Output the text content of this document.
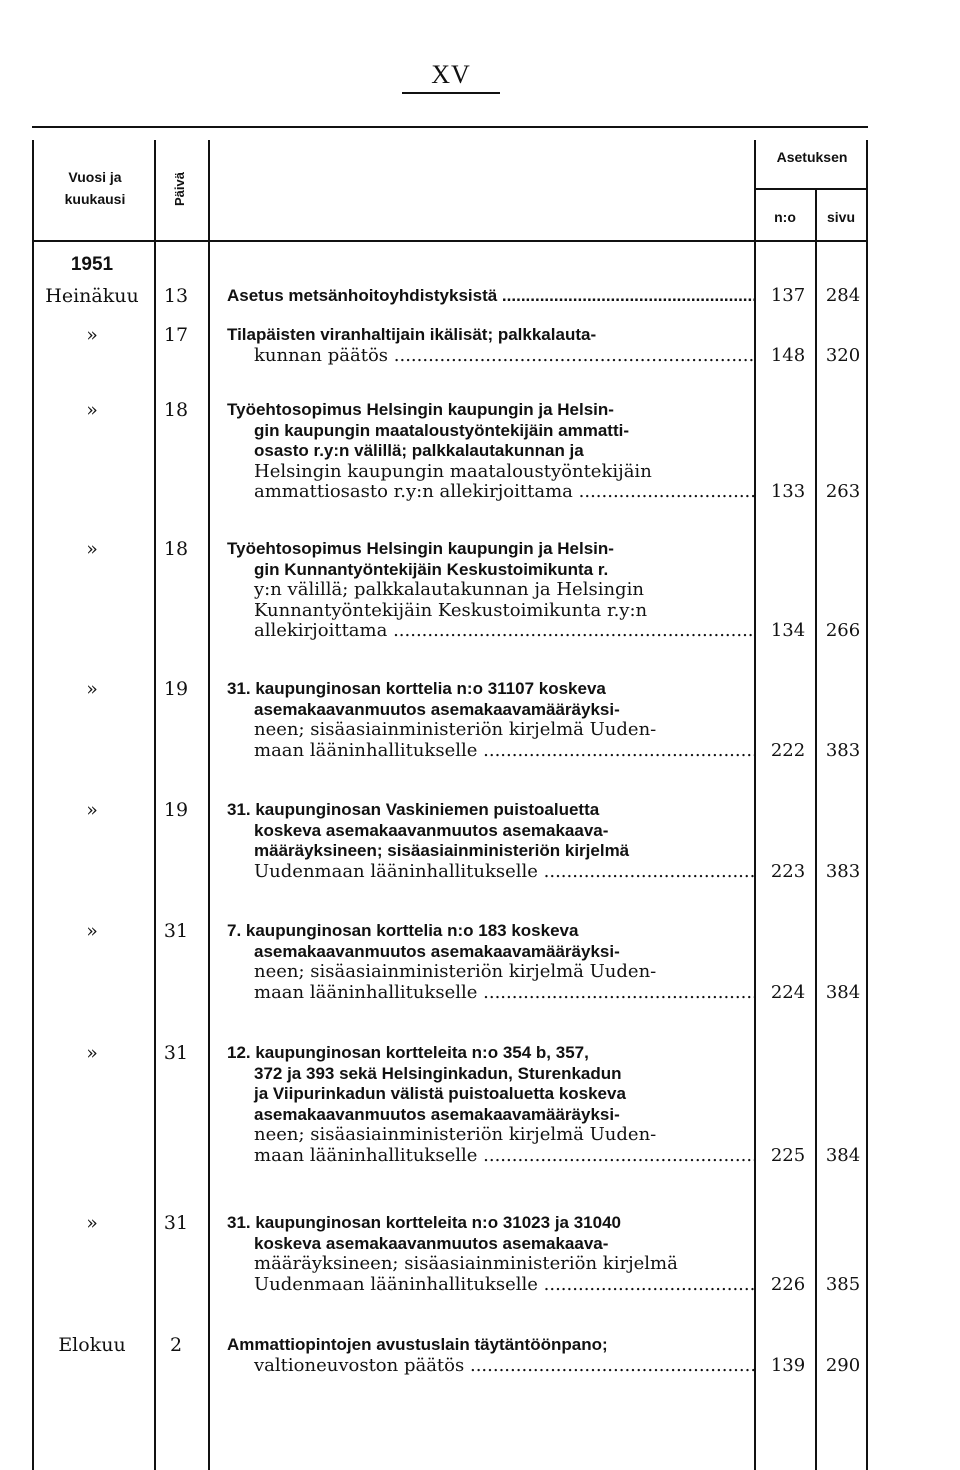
XV
Vuosi ja kuukausi	Päivä
Asetuksen
n:o	sivu
1951
Heinäkuu	13	Asetus metsänhoitoyhdistyksistä .....	137	284
»	17	Tilapäisten viranhaltijain ikälisät; palkkalauta-
kunnan päätös .....	148	320
»	18	Työehtosopimus Helsingin kaupungin ja Helsin-
gin kaupungin maataloustyöntekijäin ammatti-
osasto r.y:n välillä; palkkalautakunnan ja
Helsingin kaupungin maataloustyöntekijäin
ammattiosasto r.y:n allekirjoittama .....	133	263
»	18	Työehtosopimus Helsingin kaupungin ja Helsin-
gin Kunnantyöntekijäin Keskustoimikunta r.
y:n välillä; palkkalautakunnan ja Helsingin
Kunnantyöntekijäin Keskustoimikunta r.y:n
allekirjoittama .....	134	266
»	19	31. kaupunginosan korttelia n:o 31107 koskeva
asemakaavanmuutos asemakaavamääräyksi-
neen; sisäasiainministeriön kirjelmä Uuden-
maan lääninhallitukselle .....	222	383
»	19	31. kaupunginosan Vaskiniemen puistoaluetta
koskeva asemakaavanmuutos asemakaava-
määräyksineen; sisäasiainministeriön kirjelmä
Uudenmaan lääninhallitukselle .....	223	383
»	31	7. kaupunginosan korttelia n:o 183 koskeva
asemakaavanmuutos asemakaavamääräyksi-
neen; sisäasiainministeriön kirjelmä Uuden-
maan lääninhallitukselle .....	224	384
»	31	12. kaupunginosan kortteleita n:o 354 b, 357,
372 ja 393 sekä Helsinginkadun, Sturenkadun
ja Viipurinkadun välistä puistoaluetta koskeva
asemakaavanmuutos asemakaavamääräyksi-
neen; sisäasiainministeriön kirjelmä Uuden-
maan lääninhallitukselle .....	225	384
»	31	31. kaupunginosan kortteleita n:o 31023 ja 31040
koskeva asemakaavanmuutos asemakaava-
määräyksineen; sisäasiainministeriön kirjelmä
Uudenmaan lääninhallitukselle .....	226	385
Elokuu	2	Ammattiopintojen avustuslain täytäntöönpano;
valtioneuvoston päätös .....	139	290
